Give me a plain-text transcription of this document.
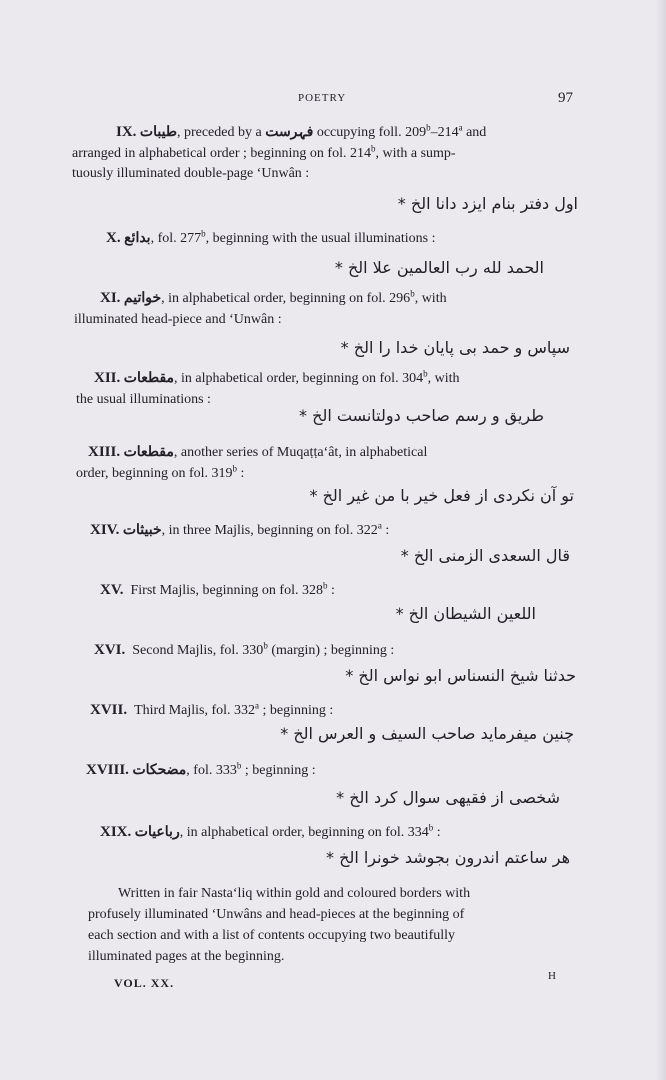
POETRY	97
IX. طیبات, preceded by a فہرست occupying foll. 209$^b$–214$^a$ and
arranged in alphabetical order ; beginning on fol. 214$^b$, with a sump-
tuously illuminated double-page ‘Unwân :
اول دفتر بنام ایزد دانا الخ *
X. بدائع, fol. 277$^b$, beginning with the usual illuminations :
الحمد لله رب العالمین علا الخ *
XI. خواتیم, in alphabetical order, beginning on fol. 296$^b$, with
illuminated head-piece and ‘Unwân :
سپاس و حمد بی پایان خدا را الخ *
XII. مقطعات, in alphabetical order, beginning on fol. 304$^b$, with
the usual illuminations :
طریق و رسم صاحب دولتانست الخ *
XIII. مقطعات, another series of Muqaṭṭa‘ât, in alphabetical
order, beginning on fol. 319$^b$ :
تو آن نکردی از فعل خیر با من غیر الخ *
XIV. خبیثات, in three Majlis, beginning on fol. 322$^a$ :
قال السعدی الزمنی الخ *
XV. First Majlis, beginning on fol. 328$^b$ :
اللعین الشیطان الخ *
XVI. Second Majlis, fol. 330$^b$ (margin) ; beginning :
حدثنا شیخ النسناس ابو نواس الخ *
XVII. Third Majlis, fol. 332$^a$ ; beginning :
چنین میفرماید صاحب السیف و العرس الخ *
XVIII. مضحکات, fol. 333$^b$ ; beginning :
شخصی از فقیهی سوال کرد الخ *
XIX. رباعیات, in alphabetical order, beginning on fol. 334$^b$ :
هر ساعتم اندرون بجوشد خونرا الخ *
Written in fair Nasta‘liq within gold and coloured borders with
profusely illuminated ‘Unwâns and head-pieces at the beginning of
each section and with a list of contents occupying two beautifully
illuminated pages at the beginning.
VOL. XX.	H
